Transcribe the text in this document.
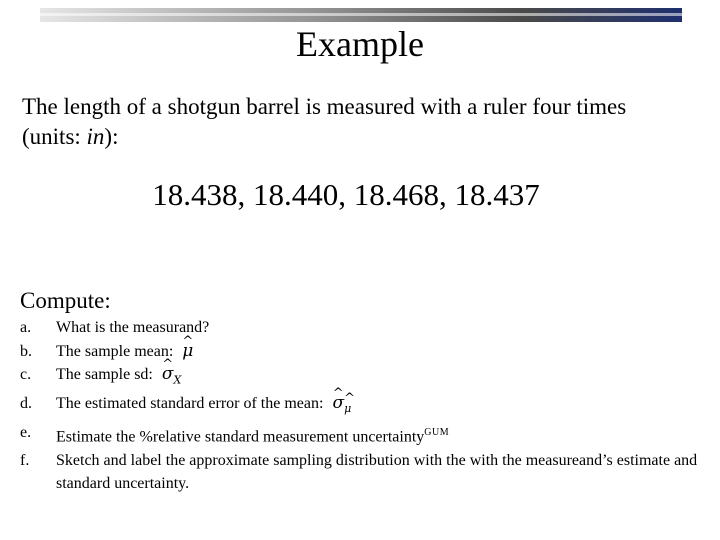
Example
The length of a shotgun barrel is measured with a ruler four times
(units: in):
18.438, 18.440, 18.468, 18.437
Compute:
a. What is the measurand?
b. The sample mean: ^ μ
c. The sample sd: ^ $\sigma_X$
d. The estimated standard error of the mean: ^ σ^ $_\mu$
e. Estimate the %relative standard measurement uncertainty$^{GUM}$
f. Sketch and label the approximate sampling distribution with the with the measureand’s estimate and standard uncertainty.
